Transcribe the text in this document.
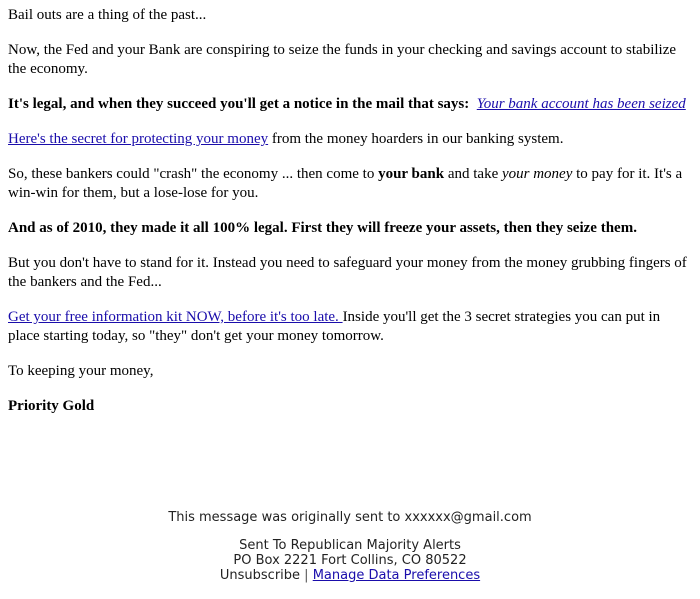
Bail outs are a thing of the past...

Now, the Fed and your Bank are conspiring to seize the funds in your checking and savings account to stabilize the economy.

It's legal, and when they succeed you'll get a notice in the mail that says: Your bank account has been seized

Here's the secret for protecting your money from the money hoarders in our banking system.

So, these bankers could "crash" the economy ... then come to your bank and take your money to pay for it. It's a win-win for them, but a lose-lose for you.

And as of 2010, they made it all 100% legal. First they will freeze your assets, then they seize them.

But you don't have to stand for it. Instead you need to safeguard your money from the money grubbing fingers of the bankers and the Fed...

Get your free information kit NOW, before it's too late. Inside you'll get the 3 secret strategies you can put in place starting today, so "they" don't get your money tomorrow.

To keeping your money,

Priority Gold

This message was originally sent to xxxxxx@gmail.com
Sent To Republican Majority Alerts
PO Box 2221 Fort Collins, CO 80522
Unsubscribe | Manage Data Preferences
